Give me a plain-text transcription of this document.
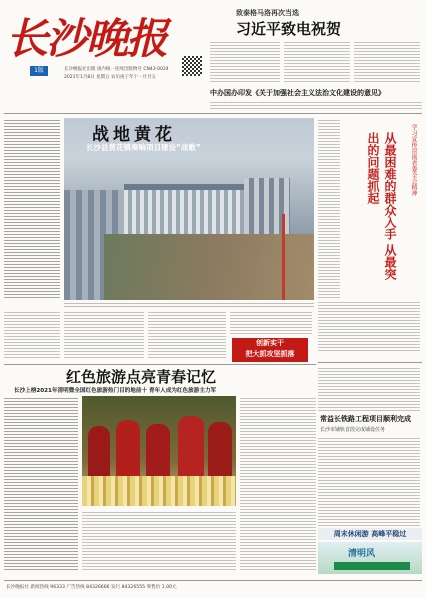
长沙晚报
1版	长沙晚报社出版 国内统一连续出版物号 CN43-0024
2021年1月8日 星期五 农历庚子年十一月廿五
致泰格马洛再次当选
习近平致电祝贺
中办国办印发《关于加强社会主义法治文化建设的意见》
战地黄花
长沙县黄花镇奏响项目建设“战歌”	从最困难的群众入手 从最突出的问题抓起	学习宣传贯彻省委全会精神
创新实干
把大抓攻坚抓落
红色旅游点亮青春记忆
长沙上榜2021年清明暨全国红色旅游热门目的地前十 青年人成为红色旅游主力军
常益长铁路工程项目顺利完成
长沙市铺轨首段完成铺设任务
周末休闲游 高峰平稳过
清明风
长沙晚报社 新闻热线 96333 广告热线 84326666 发行 84326555 零售价 1.00元
